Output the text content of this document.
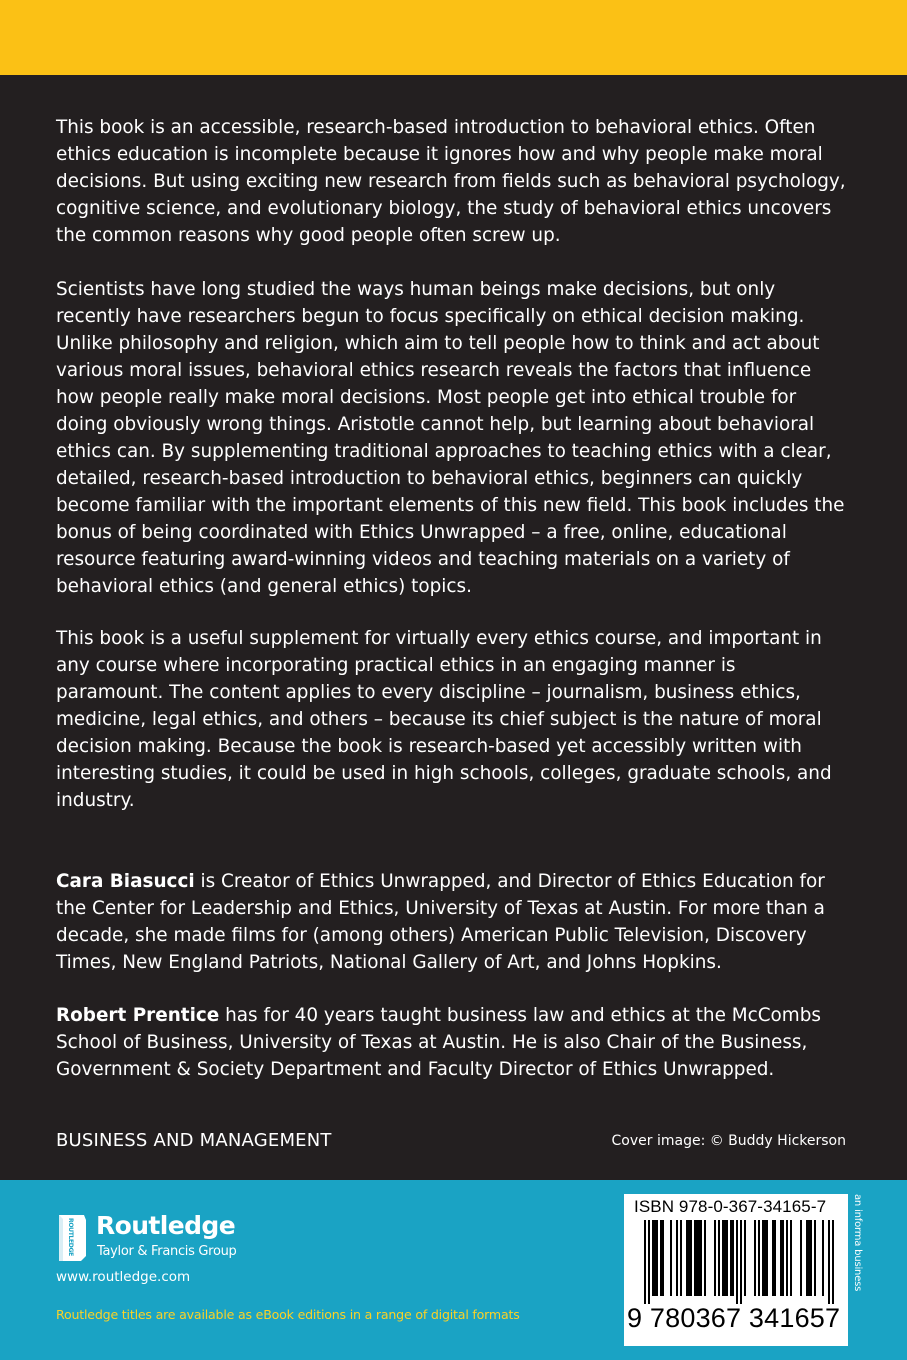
This book is an accessible, research-based introduction to behavioral ethics. Often ethics education is incomplete because it ignores how and why people make moral decisions. But using exciting new research from fields such as behavioral psychology, cognitive science, and evolutionary biology, the study of behavioral ethics uncovers the common reasons why good people often screw up.

Scientists have long studied the ways human beings make decisions, but only recently have researchers begun to focus specifically on ethical decision making. Unlike philosophy and religion, which aim to tell people how to think and act about various moral issues, behavioral ethics research reveals the factors that influence how people really make moral decisions. Most people get into ethical trouble for doing obviously wrong things. Aristotle cannot help, but learning about behavioral ethics can. By supplementing traditional approaches to teaching ethics with a clear, detailed, research-based introduction to behavioral ethics, beginners can quickly become familiar with the important elements of this new field. This book includes the bonus of being coordinated with Ethics Unwrapped – a free, online, educational resource featuring award-winning videos and teaching materials on a variety of behavioral ethics (and general ethics) topics.

This book is a useful supplement for virtually every ethics course, and important in any course where incorporating practical ethics in an engaging manner is paramount. The content applies to every discipline – journalism, business ethics, medicine, legal ethics, and others – because its chief subject is the nature of moral decision making. Because the book is research-based yet accessibly written with interesting studies, it could be used in high schools, colleges, graduate schools, and industry.

Cara Biasucci is Creator of Ethics Unwrapped, and Director of Ethics Education for the Center for Leadership and Ethics, University of Texas at Austin. For more than a decade, she made films for (among others) American Public Television, Discovery Times, New England Patriots, National Gallery of Art, and Johns Hopkins.

Robert Prentice has for 40 years taught business law and ethics at the McCombs School of Business, University of Texas at Austin. He is also Chair of the Business, Government & Society Department and Faculty Director of Ethics Unwrapped.

BUSINESS AND MANAGEMENT	Cover image: © Buddy Hickerson
ROUTLEDGE Routledge
Taylor & Francis Group
www.routledge.com
Routledge titles are available as eBook editions in a range of digital formats
ISBN 978-0-367-34165-7
9 780367 341657
an informa business
